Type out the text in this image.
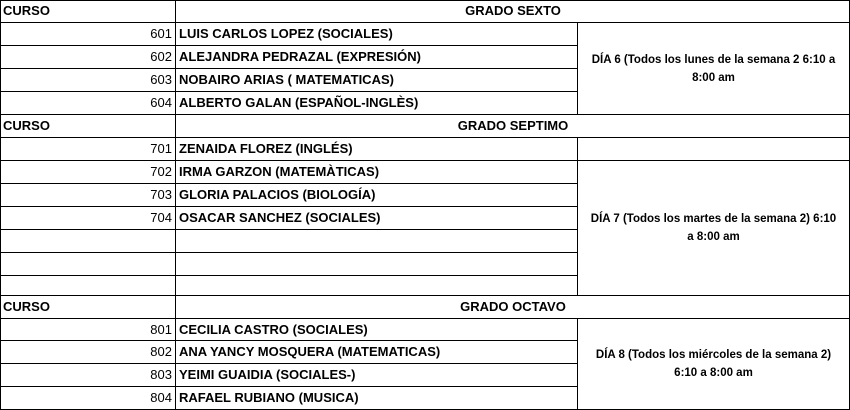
CURSO	GRADO SEXTO
601 LUIS CARLOS LOPEZ (SOCIALES)
602 ALEJANDRA PEDRAZAL (EXPRESIÓN)
603 NOBAIRO ARIAS ( MATEMATICAS)
604 ALBERTO GALAN (ESPAÑOL-INGLÈS)
DÍA 6 (Todos los lunes de la semana 2 6:10 a
8:00 am
CURSO	GRADO SEPTIMO
701 ZENAIDA FLOREZ (INGLÉS)
702 IRMA GARZON (MATEMÀTICAS)
703 GLORIA PALACIOS (BIOLOGÍA)
704 OSACAR SANCHEZ (SOCIALES)	DÍA 7 (Todos los martes de la semana 2) 6:10
a 8:00 am
CURSO	GRADO OCTAVO
801 CECILIA CASTRO (SOCIALES)
802 ANA YANCY MOSQUERA (MATEMATICAS)
803 YEIMI GUAIDIA (SOCIALES-)
804 RAFAEL RUBIANO (MUSICA)
DÍA 8 (Todos los miércoles de la semana 2)
6:10 a 8:00 am
